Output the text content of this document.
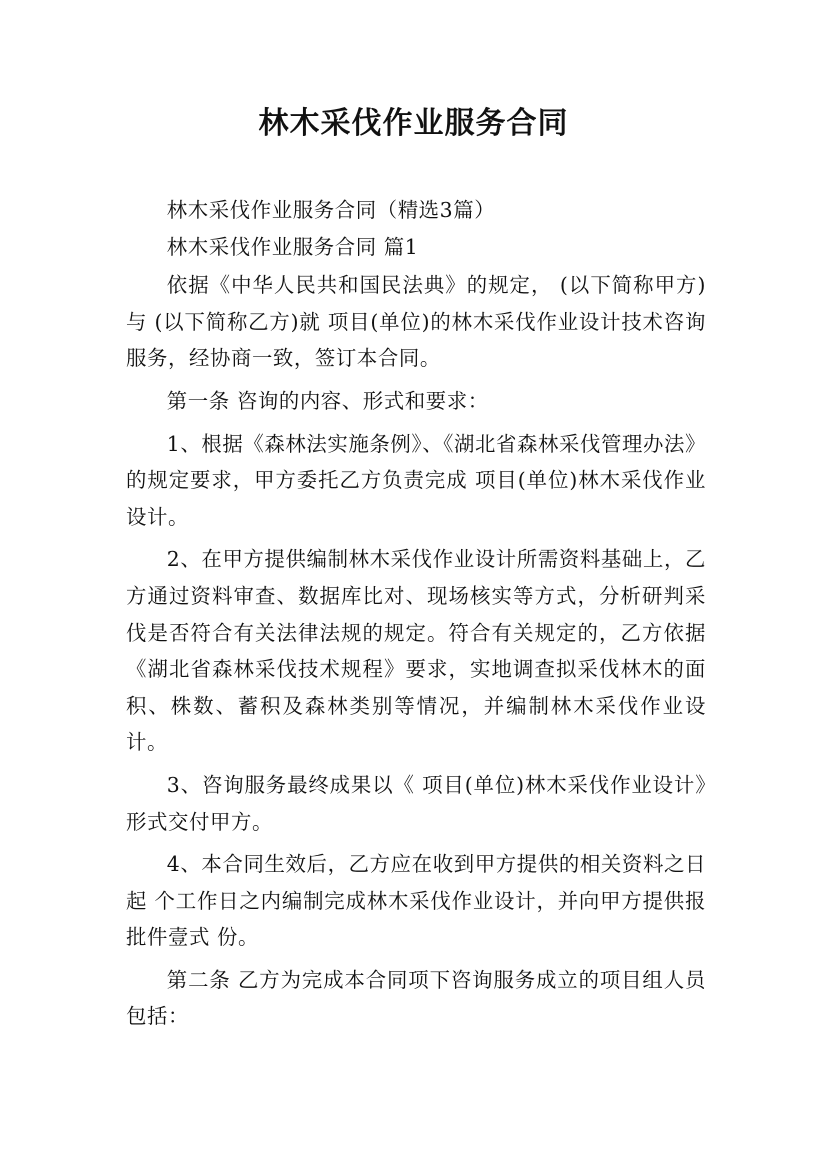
林木采伐作业服务合同

林木采伐作业服务合同（精选3篇）

林木采伐作业服务合同 篇1

依据《中华人民共和国民法典》的规定， (以下简称甲方)与 (以下简称乙方)就 项目(单位)的林木采伐作业设计技术咨询服务，经协商一致，签订本合同。

第一条 咨询的内容、形式和要求：

1、根据《森林法实施条例》、《湖北省森林采伐管理办法》的规定要求，甲方委托乙方负责完成 项目(单位)林木采伐作业设计。

2、在甲方提供编制林木采伐作业设计所需资料基础上，乙方通过资料审查、数据库比对、现场核实等方式，分析研判采伐是否符合有关法律法规的规定。符合有关规定的，乙方依据《湖北省森林采伐技术规程》要求，实地调查拟采伐林木的面积、株数、蓄积及森林类别等情况，并编制林木采伐作业设计。

3、咨询服务最终成果以《 项目(单位)林木采伐作业设计》形式交付甲方。

4、本合同生效后，乙方应在收到甲方提供的相关资料之日起 个工作日之内编制完成林木采伐作业设计，并向甲方提供报批件壹式 份。

第二条 乙方为完成本合同项下咨询服务成立的项目组人员包括：
